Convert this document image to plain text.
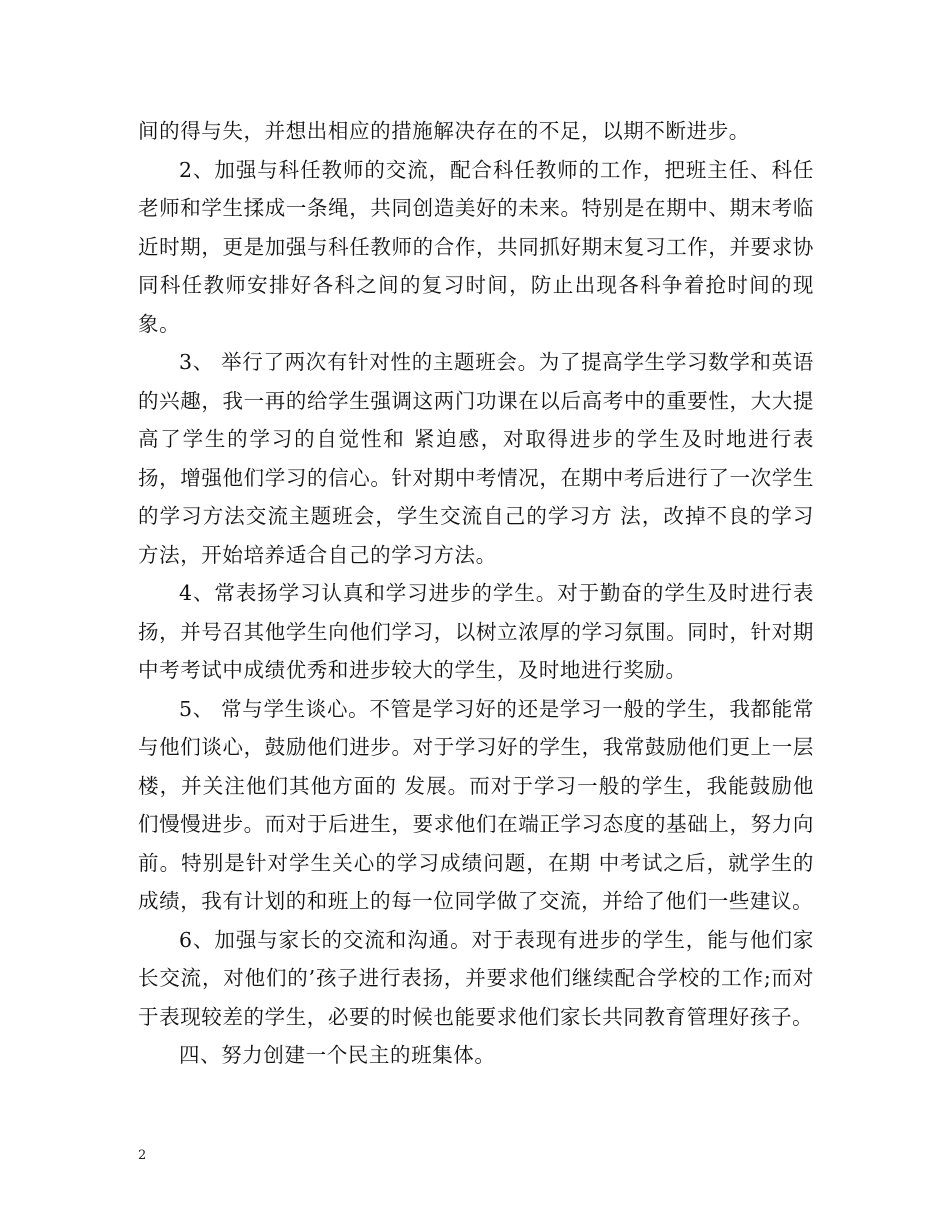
间的得与失，并想出相应的措施解决存在的不足，以期不断进步。

2、加强与科任教师的交流，配合科任教师的工作，把班主任、科任老师和学生揉成一条绳，共同创造美好的未来。特别是在期中、期末考临近时期，更是加强与科任教师的合作，共同抓好期末复习工作，并要求协同科任教师安排好各科之间的复习时间，防止出现各科争着抢时间的现象。

3、 举行了两次有针对性的主题班会。为了提高学生学习数学和英语的兴趣，我一再的给学生强调这两门功课在以后高考中的重要性，大大提高了学生的学习的自觉性和 紧迫感，对取得进步的学生及时地进行表扬，增强他们学习的信心。针对期中考情况，在期中考后进行了一次学生的学习方法交流主题班会，学生交流自己的学习方 法，改掉不良的学习方法，开始培养适合自己的学习方法。

4、常表扬学习认真和学习进步的学生。对于勤奋的学生及时进行表扬，并号召其他学生向他们学习，以树立浓厚的学习氛围。同时，针对期中考考试中成绩优秀和进步较大的学生，及时地进行奖励。

5、 常与学生谈心。不管是学习好的还是学习一般的学生，我都能常与他们谈心，鼓励他们进步。对于学习好的学生，我常鼓励他们更上一层楼，并关注他们其他方面的 发展。而对于学习一般的学生，我能鼓励他们慢慢进步。而对于后进生，要求他们在端正学习态度的基础上，努力向前。特别是针对学生关心的学习成绩问题，在期 中考试之后，就学生的成绩，我有计划的和班上的每一位同学做了交流，并给了他们一些建议。

6、加强与家长的交流和沟通。对于表现有进步的学生，能与他们家长交流，对他们的’孩子进行表扬，并要求他们继续配合学校的工作;而对于表现较差的学生，必要的时候也能要求他们家长共同教育管理好孩子。

四、努力创建一个民主的班集体。

2
